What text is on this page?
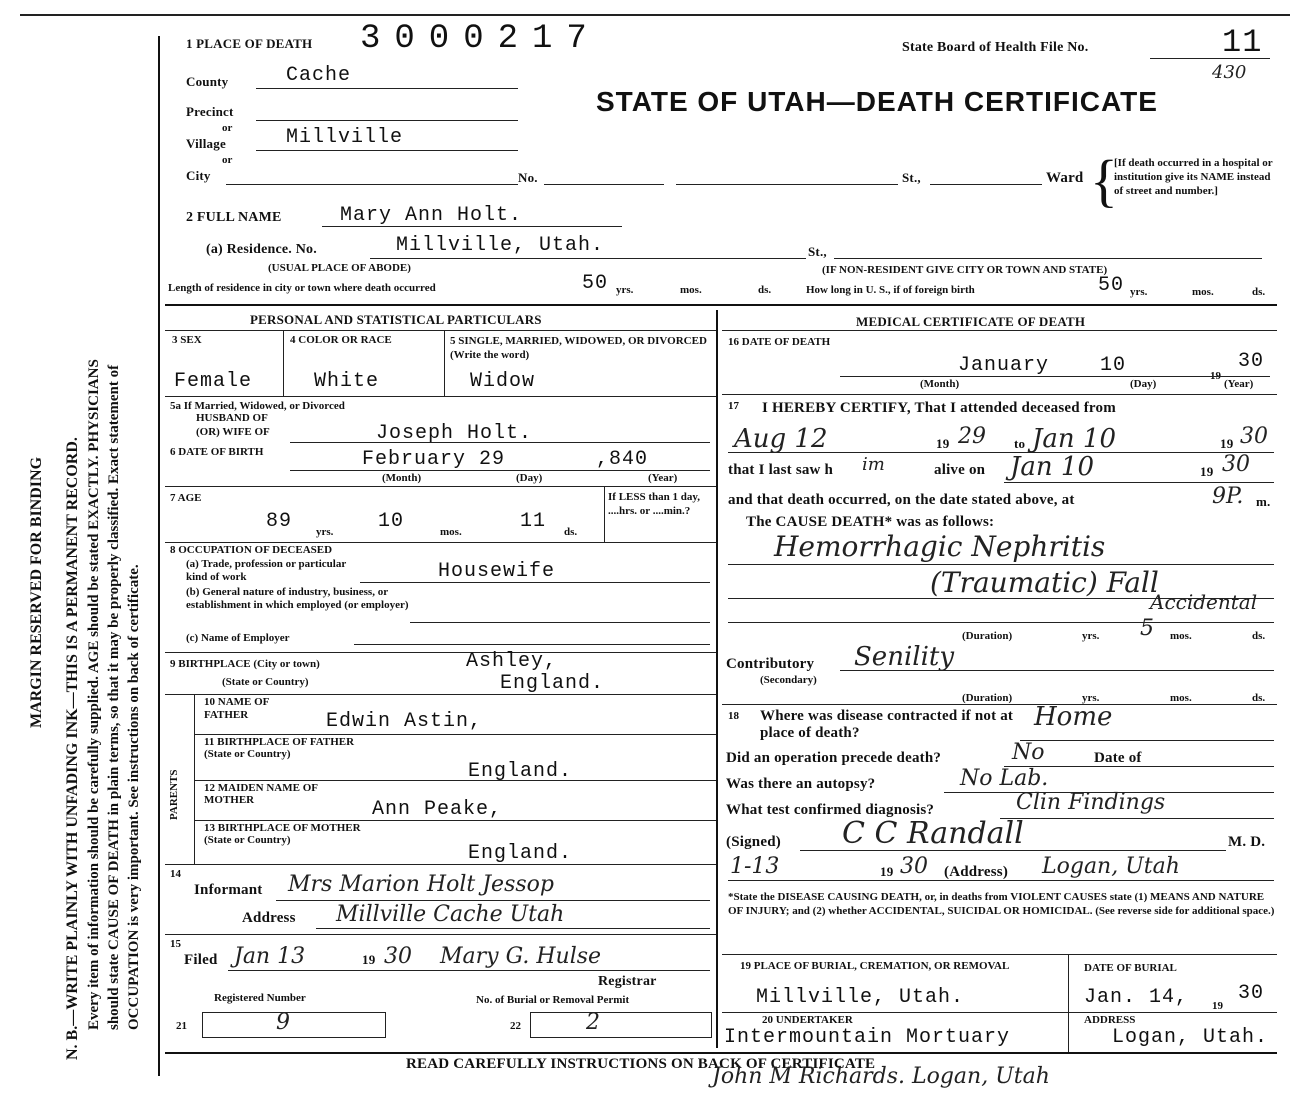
MARGIN RESERVED FOR BINDING N. B.—WRITE PLAINLY WITH UNFADING INK—THIS IS A PERMANENT RECORD. Every item of information should be carefully supplied. AGE should be stated EXACTLY. PHYSICIANS should state CAUSE OF DEATH in plain terms, so that it may be properly classified. Exact statement of OCCUPATION is very important. See instructions on back of certificate.
1 PLACE OF DEATH 3000217	State Board of Health File No.	11
430
STATE OF UTAH—DEATH CERTIFICATE
County	Cache
Precinct
or
Village	Millville
or
City	No.	St.,	Ward {
[If death occurred in a hospital or institution give its NAME instead of street and number.]
2 FULL NAME	Mary Ann Holt.
(a) Residence. No.	Millville, Utah.	St.,
(USUAL PLACE OF ABODE)	(IF NON-RESIDENT GIVE CITY OR TOWN AND STATE)
Length of residence in city or town where death occurred	50 yrs.	mos.	ds.	How long in U. S., if of foreign birth	50 yrs.	mos.	ds.
PERSONAL AND STATISTICAL PARTICULARS
3 SEX
Female
4 COLOR OR RACE
White
5 SINGLE, MARRIED, WIDOWED, OR DIVORCED (Write the word)
Widow
5a If Married, Widowed, or Divorced
HUSBAND OF
(OR) WIFE OF	Joseph Holt.
6 DATE OF BIRTH	February 29	,840
(Month)	(Day)	(Year)
7 AGE
89 yrs. 10	mos.	11 ds.
If LESS than 1 day, ....hrs. or ....min.?
8 OCCUPATION OF DECEASED
(a) Trade, profession or particular kind of work	Housewife
(b) General nature of industry, business, or establishment in which employed (or employer)
(c) Name of Employer
9 BIRTHPLACE (City or town)
(State or Country)
Ashley,
England.
PARENTS
10 NAME OF FATHER	Edwin Astin,
11 BIRTHPLACE OF FATHER (State or Country)
England.
12 MAIDEN NAME OF MOTHER	Ann Peake,
13 BIRTHPLACE OF MOTHER (State or Country)
England.
14
Informant Mrs Marion Holt Jessop
Address Millville Cache Utah
15
Filed Jan 13	19 30 Mary G. Hulse
Registrar
Registered Number	No. of Burial or Removal Permit
21	9	22	2
MEDICAL CERTIFICATE OF DEATH
16 DATE OF DEATH
January	10	19
30
(Month)	(Day)	(Year)
17 I HEREBY CERTIFY, That I attended deceased from
Aug 12	19 29 to Jan 10	19 30
that I last saw h im	alive on Jan 10	19 30
and that death occurred, on the date stated above, at	9P. m.
The CAUSE DEATH* was as follows:
Hemorrhagic Nephritis
(Traumatic) Fall
Accidental
(Duration)	yrs. 5 mos.	ds.
Contributory
(Secondary)
Senility
(Duration)	yrs.	mos.	ds.
18 Where was disease contracted if not at place of death?
Home
Did an operation precede death?	No	Date of
Was there an autopsy?	No Lab.
What test confirmed diagnosis?	Clin Findings
(Signed) C C Randall	M. D.
1-13	19 30 (Address) Logan, Utah
*State the DISEASE CAUSING DEATH, or, in deaths from VIOLENT CAUSES state (1) MEANS AND NATURE OF INJURY; and (2) whether ACCIDENTAL, SUICIDAL OR HOMICIDAL. (See reverse side for additional space.)
19 PLACE OF BURIAL, CREMATION, OR REMOVAL
Millville, Utah.
DATE OF BURIAL
Jan. 14, 19
30
20 UNDERTAKER
Intermountain Mortuary
ADDRESS
Logan, Utah.
READ CAREFULLY INSTRUCTIONS ON BACK OF CERTIFICATE
John M Richards. Logan, Utah
